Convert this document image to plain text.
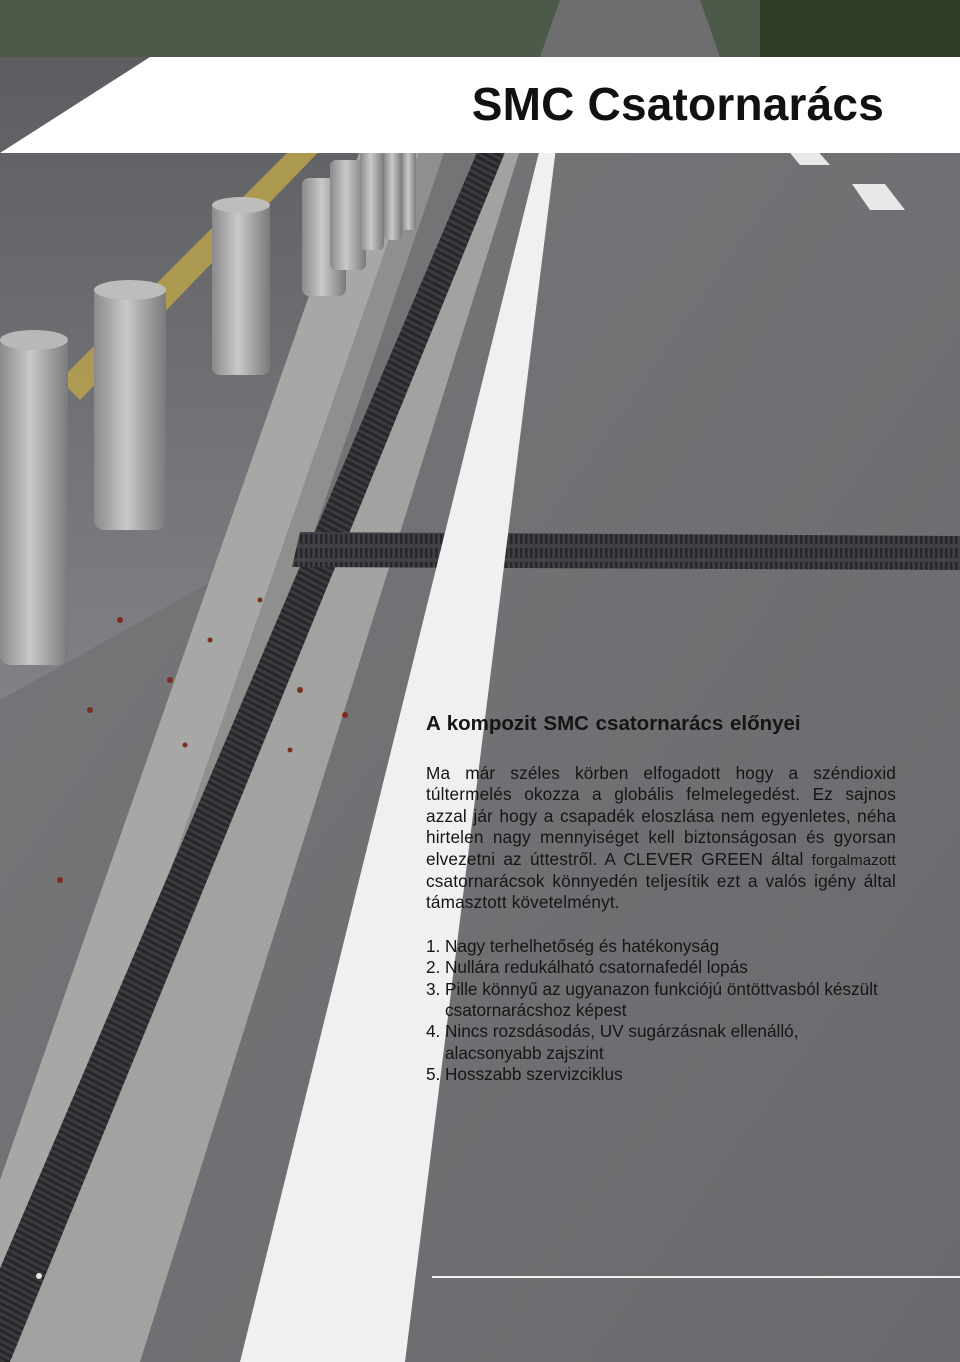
SMC Csatornarács
A kompozit SMC csatornarács előnyei

Ma már széles körben elfogadott hogy a széndioxid túltermelés okozza a globális felmelegedést. Ez sajnos azzal jár hogy a csapadék eloszlása nem egyenletes, néha hirtelen nagy mennyiséget kell biztonságosan és gyorsan elvezetni az úttestről. A CLEVER GREEN által forgalmazott csatornarácsok könnyedén teljesítik ezt a valós igény által támasztott követelményt.

1. Nagy terhelhetőség és hatékonyság
2. Nullára redukálható csatornafedél lopás
3. Pille könnyű az ugyanazon funkciójú öntöttvasból készült csatornarácshoz képest
4. Nincs rozsdásodás, UV sugárzásnak ellenálló, alacsonyabb zajszint
5. Hosszabb szervizciklus
